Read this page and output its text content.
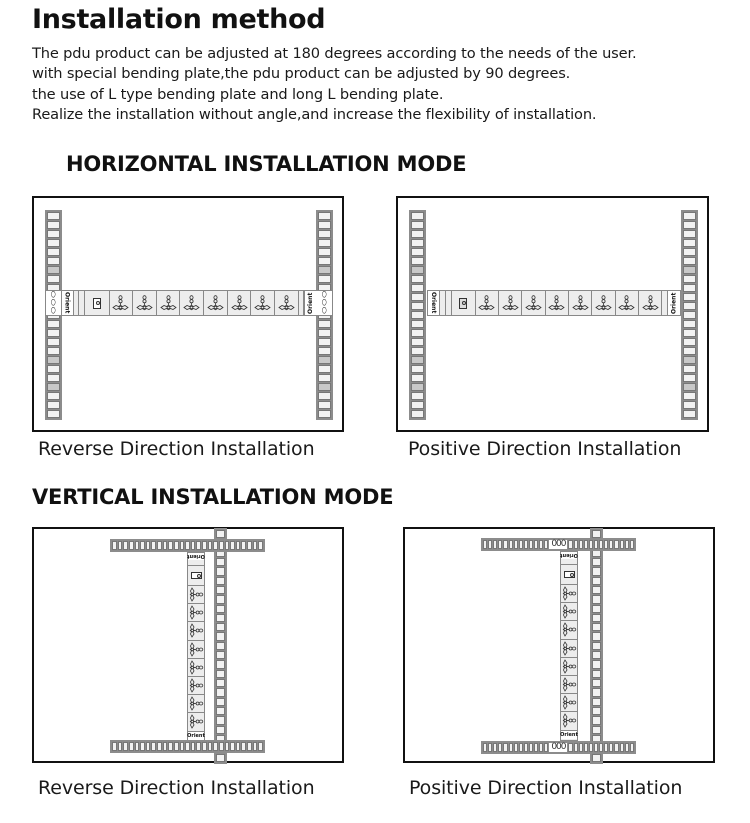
Installation method
The pdu product can be adjusted at 180 degrees according to the needs of the user.
with special bending plate,the pdu product can be adjusted by 90 degrees.
the use of L type bending plate and long L bending plate.
Realize the installation without angle,and increase the flexibility of installation.
HORIZONTAL INSTALLATION MODE
⬯
⬯
⬯	Orient	Orient ⬯
⬯
⬯
Reverse Direction Installation
Orient	Orient
Positive Direction Installation
VERTICAL INSTALLATION MODE
Orient
Orient
Reverse Direction Installation
Orient
Orient
000
000
Positive Direction Installation
